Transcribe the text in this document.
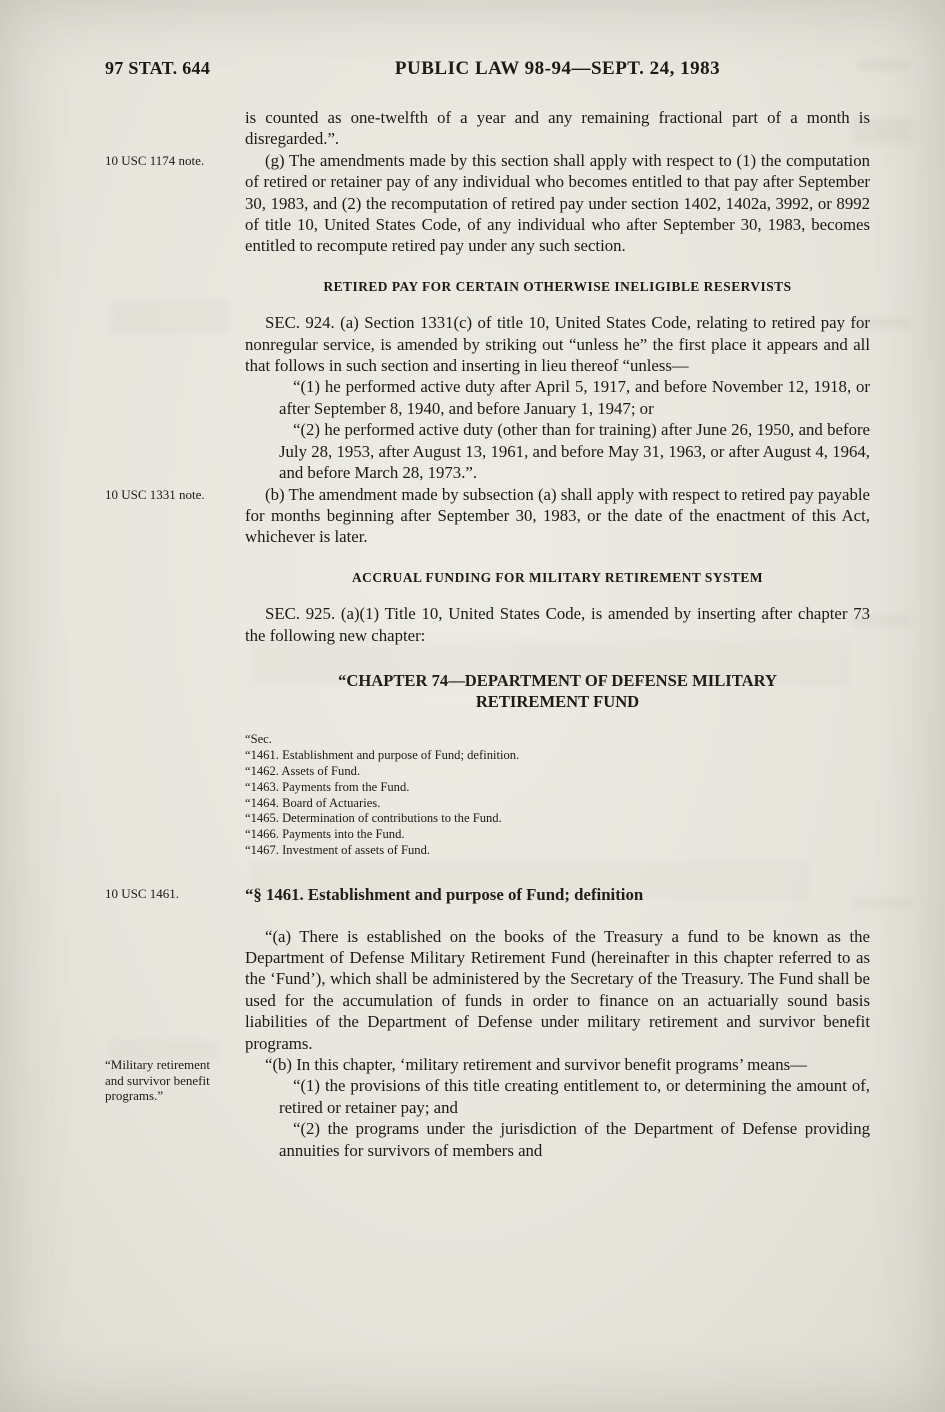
97 STAT. 644	PUBLIC LAW 98-94—SEPT. 24, 1983

is counted as one-twelfth of a year and any remaining fractional part of a month is disregarded.”.

10 USC 1174 note.	(g) The amendments made by this section shall apply with respect to (1) the computation of retired or retainer pay of any individual who becomes entitled to that pay after September 30, 1983, and (2) the recomputation of retired pay under section 1402, 1402a, 3992, or 8992 of title 10, United States Code, of any individual who after September 30, 1983, becomes entitled to recompute retired pay under any such section.

RETIRED PAY FOR CERTAIN OTHERWISE INELIGIBLE RESERVISTS

SEC. 924. (a) Section 1331(c) of title 10, United States Code, relating to retired pay for nonregular service, is amended by striking out “unless he” the first place it appears and all that follows in such section and inserting in lieu thereof “unless—

“(1) he performed active duty after April 5, 1917, and before November 12, 1918, or after September 8, 1940, and before January 1, 1947; or

“(2) he performed active duty (other than for training) after June 26, 1950, and before July 28, 1953, after August 13, 1961, and before May 31, 1963, or after August 4, 1964, and before March 28, 1973.”.

10 USC 1331 note.	(b) The amendment made by subsection (a) shall apply with respect to retired pay payable for months beginning after September 30, 1983, or the date of the enactment of this Act, whichever is later.

ACCRUAL FUNDING FOR MILITARY RETIREMENT SYSTEM

SEC. 925. (a)(1) Title 10, United States Code, is amended by inserting after chapter 73 the following new chapter:

“CHAPTER 74—DEPARTMENT OF DEFENSE MILITARY RETIREMENT FUND

“Sec.
“1461. Establishment and purpose of Fund; definition.
“1462. Assets of Fund.
“1463. Payments from the Fund.
“1464. Board of Actuaries.
“1465. Determination of contributions to the Fund.
“1466. Payments into the Fund.
“1467. Investment of assets of Fund.
10 USC 1461.	“§ 1461. Establishment and purpose of Fund; definition

“(a) There is established on the books of the Treasury a fund to be known as the Department of Defense Military Retirement Fund (hereinafter in this chapter referred to as the ‘Fund’), which shall be administered by the Secretary of the Treasury. The Fund shall be used for the accumulation of funds in order to finance on an actuarially sound basis liabilities of the Department of Defense under military retirement and survivor benefit programs.

“Military retirement and survivor benefit programs.”

“(b) In this chapter, ‘military retirement and survivor benefit programs’ means—

“(1) the provisions of this title creating entitlement to, or determining the amount of, retired or retainer pay; and

“(2) the programs under the jurisdiction of the Department of Defense providing annuities for survivors of members and
